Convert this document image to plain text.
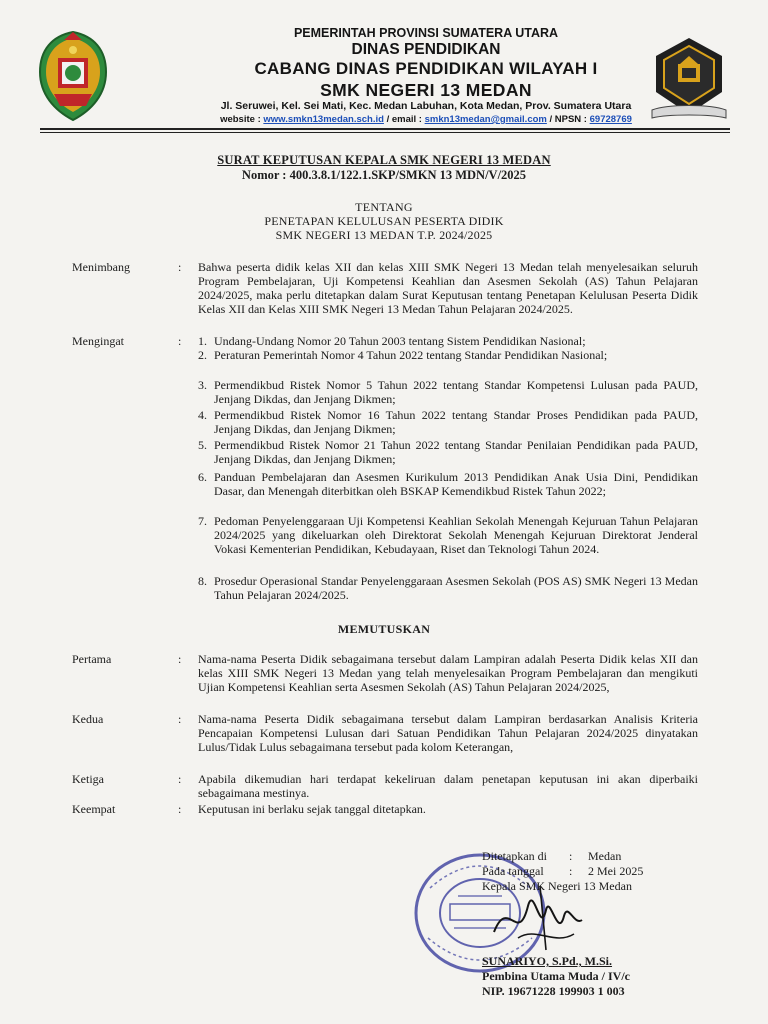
PEMERINTAH PROVINSI SUMATERA UTARA
DINAS PENDIDIKAN
CABANG DINAS PENDIDIKAN WILAYAH I
SMK NEGERI 13 MEDAN
Jl. Seruwei, Kel. Sei Mati, Kec. Medan Labuhan, Kota Medan, Prov. Sumatera Utara
website : www.smkn13medan.sch.id / email : smkn13medan@gmail.com / NPSN : 69728769
SURAT KEPUTUSAN KEPALA SMK NEGERI 13 MEDAN
Nomor : 400.3.8.1/122.1.SKP/SMKN 13 MDN/V/2025
TENTANG
PENETAPAN KELULUSAN PESERTA DIDIK
SMK NEGERI 13 MEDAN T.P. 2024/2025
Menimbang	: Bahwa peserta didik kelas XII dan kelas XIII SMK Negeri 13 Medan telah menyelesaikan seluruh Program Pembelajaran, Uji Kompetensi Keahlian dan Asesmen Sekolah (AS) Tahun Pelajaran 2024/2025, maka perlu ditetapkan dalam Surat Keputusan tentang Penetapan Kelulusan Peserta Didik Kelas XII dan Kelas XIII SMK Negeri 13 Medan Tahun Pelajaran 2024/2025.
Mengingat	: 1. Undang-Undang Nomor 20 Tahun 2003 tentang Sistem Pendidikan Nasional;
2. Peraturan Pemerintah Nomor 4 Tahun 2022 tentang Standar Pendidikan Nasional;
3. Permendikbud Ristek Nomor 5 Tahun 2022 tentang Standar Kompetensi Lulusan pada PAUD, Jenjang Dikdas, dan Jenjang Dikmen;
4. Permendikbud Ristek Nomor 16 Tahun 2022 tentang Standar Proses Pendidikan pada PAUD, Jenjang Dikdas, dan Jenjang Dikmen;
5. Permendikbud Ristek Nomor 21 Tahun 2022 tentang Standar Penilaian Pendidikan pada PAUD, Jenjang Dikdas, dan Jenjang Dikmen;
6. Panduan Pembelajaran dan Asesmen Kurikulum 2013 Pendidikan Anak Usia Dini, Pendidikan Dasar, dan Menengah diterbitkan oleh BSKAP Kemendikbud Ristek Tahun 2022;
7. Pedoman Penyelenggaraan Uji Kompetensi Keahlian Sekolah Menengah Kejuruan Tahun Pelajaran 2024/2025 yang dikeluarkan oleh Direktorat Sekolah Menengah Kejuruan Direktorat Jenderal Vokasi Kementerian Pendidikan, Kebudayaan, Riset dan Teknologi Tahun 2024.
8. Prosedur Operasional Standar Penyelenggaraan Asesmen Sekolah (POS AS) SMK Negeri 13 Medan Tahun Pelajaran 2024/2025.
MEMUTUSKAN
Pertama	: Nama-nama Peserta Didik sebagaimana tersebut dalam Lampiran adalah Peserta Didik kelas XII dan kelas XIII SMK Negeri 13 Medan yang telah menyelesaikan Program Pembelajaran dan mengikuti Ujian Kompetensi Keahlian serta Asesmen Sekolah (AS) Tahun Pelajaran 2024/2025,
Kedua	: Nama-nama Peserta Didik sebagaimana tersebut dalam Lampiran berdasarkan Analisis Kriteria Pencapaian Kompetensi Lulusan dari Satuan Pendidikan Tahun Pelajaran 2024/2025 dinyatakan Lulus/Tidak Lulus sebagaimana tersebut pada kolom Keterangan,
Ketiga	: Apabila dikemudian hari terdapat kekeliruan dalam penetapan keputusan ini akan diperbaiki sebagaimana mestinya.
Keempat	: Keputusan ini berlaku sejak tanggal ditetapkan.
Ditetapkan di : Medan
Pada tanggal : 2 Mei 2025
Kepala SMK Negeri 13 Medan
SUNARIYO, S.Pd., M.Si.
Pembina Utama Muda / IV/c
NIP. 19671228 199903 1 003
